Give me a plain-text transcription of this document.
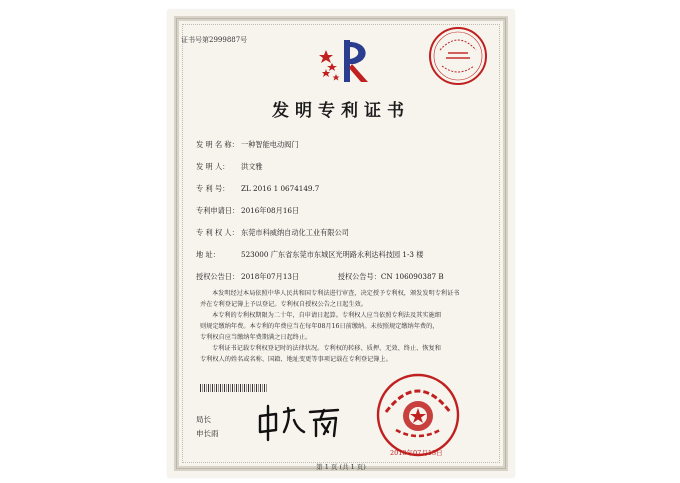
证书号第2999887号
发明专利证书
发 明 名 称： 一种智能电动阀门
发 明 人： 洪文雅
专 利 号： ZL 2016 1 0674149.7
专利申请日： 2016年08月16日
专 利 权 人： 东莞市科威纳自动化工业有限公司
地 址：	523000 广东省东莞市东城区光明路永利达科技园 1-3 楼
授权公告日： 2018年07月13日	授权公告号：CN 106090387 B

本发明经过本局依照中华人民共和国专利法进行审查，决定授予专利权，颁发发明专利证书

并在专利登记簿上予以登记。专利权自授权公告之日起生效。

本专利的专利权期限为二十年，自申请日起算。专利权人应当依照专利法及其实施细

则规定缴纳年费。本专利的年费应当在每年08月16日前缴纳。未按照规定缴纳年费的，

专利权自应当缴纳年费期满之日起终止。

专利证书记载专利权登记时的法律状况。专利权的转移、质押、无效、终止、恢复和

专利权人的姓名或名称、国籍、地址变更等事项记载在专利登记簿上。

局长
申长雨
2018年07月13日
第 1 页 (共 1 页)
